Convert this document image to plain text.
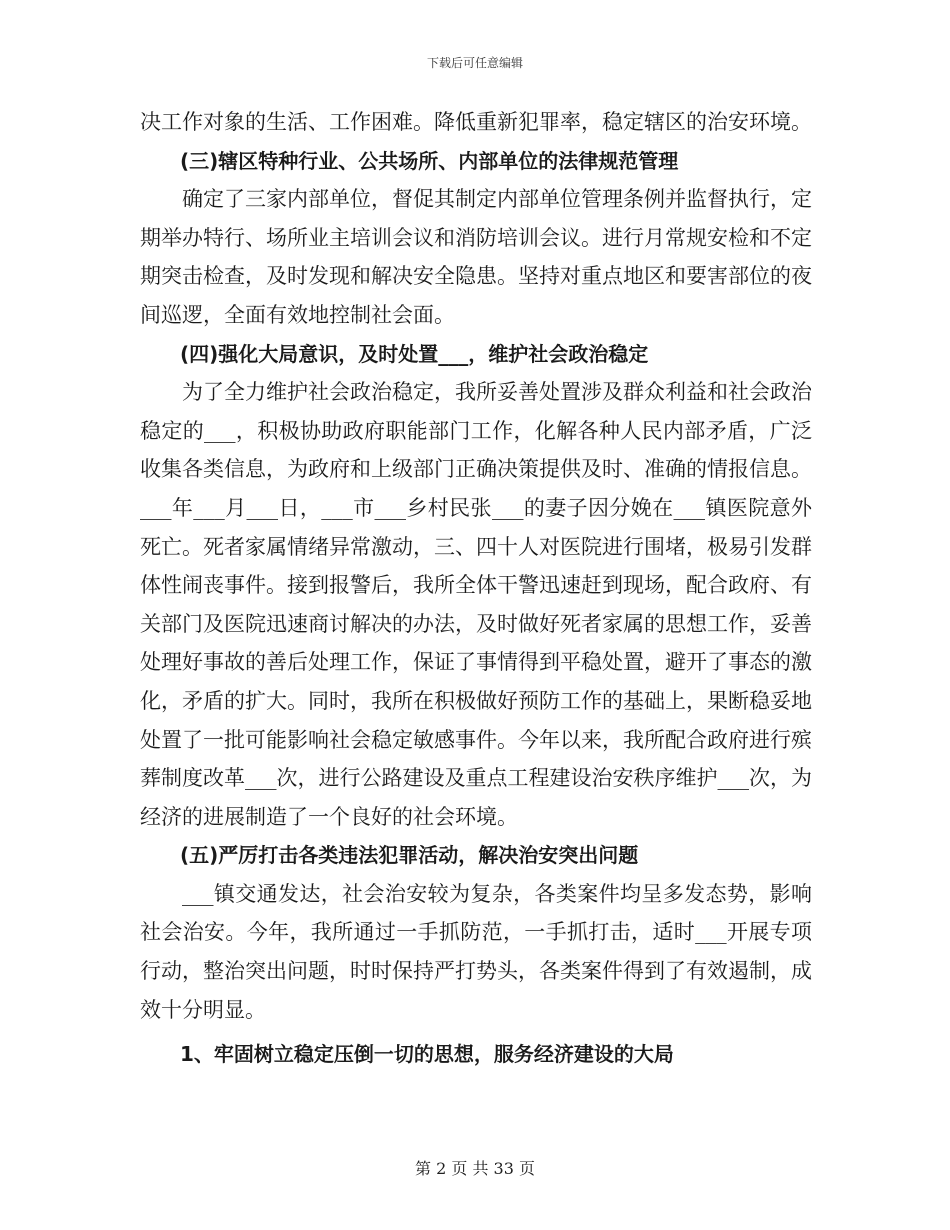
下载后可任意编辑

决工作对象的生活、工作困难。降低重新犯罪率，稳定辖区的治安环境。

(三)辖区特种行业、公共场所、内部单位的法律规范管理

确定了三家内部单位，督促其制定内部单位管理条例并监督执行，定期举办特行、场所业主培训会议和消防培训会议。进行月常规安检和不定期突击检查，及时发现和解决安全隐患。坚持对重点地区和要害部位的夜间巡逻，全面有效地控制社会面。

(四)强化大局意识，及时处置___，维护社会政治稳定

为了全力维护社会政治稳定，我所妥善处置涉及群众利益和社会政治稳定的___，积极协助政府职能部门工作，化解各种人民内部矛盾，广泛收集各类信息，为政府和上级部门正确决策提供及时、准确的情报信息。___年___月___日，___市___乡村民张___的妻子因分娩在___镇医院意外死亡。死者家属情绪异常激动，三、四十人对医院进行围堵，极易引发群体性闹丧事件。接到报警后，我所全体干警迅速赶到现场，配合政府、有关部门及医院迅速商讨解决的办法，及时做好死者家属的思想工作，妥善处理好事故的善后处理工作，保证了事情得到平稳处置，避开了事态的激化，矛盾的扩大。同时，我所在积极做好预防工作的基础上，果断稳妥地处置了一批可能影响社会稳定敏感事件。今年以来，我所配合政府进行殡葬制度改革___次，进行公路建设及重点工程建设治安秩序维护___次，为经济的进展制造了一个良好的社会环境。

(五)严厉打击各类违法犯罪活动，解决治安突出问题

___镇交通发达，社会治安较为复杂，各类案件均呈多发态势，影响社会治安。今年，我所通过一手抓防范，一手抓打击，适时___开展专项行动，整治突出问题，时时保持严打势头，各类案件得到了有效遏制，成效十分明显。

1、牢固树立稳定压倒一切的思想，服务经济建设的大局

第 2 页 共 33 页
